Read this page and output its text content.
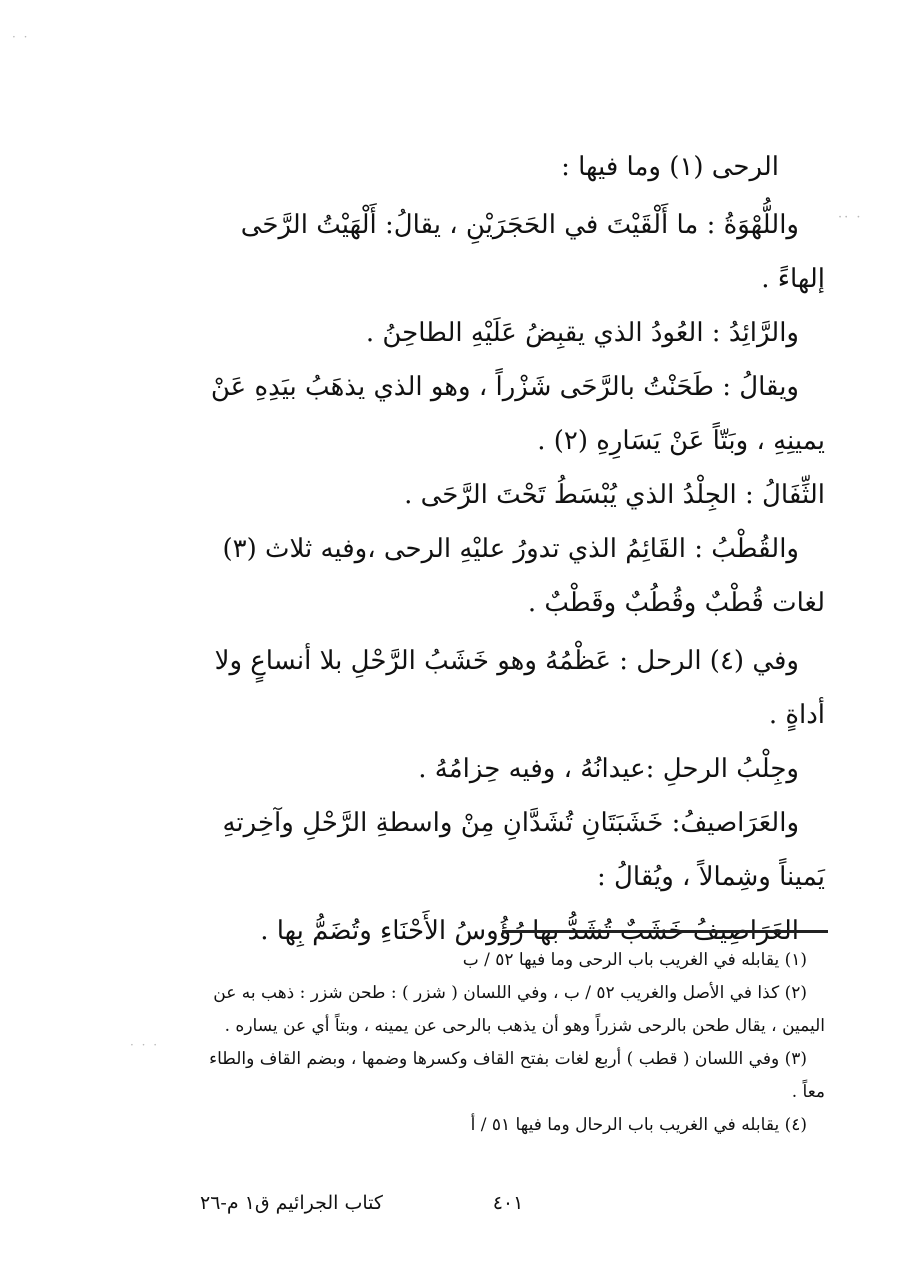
· ·
·· ·
· · ·

الرحى (١) وما فيها :

واللُّهْوَةُ : ما أَلْقَيْتَ في الحَجَرَيْنِ ، يقالُ: أَلْهَيْتُ الرَّحَى إلهاءً .

والرَّائِدُ : العُودُ الذي يقبِضُ عَلَيْهِ الطاحِنُ .

ويقالُ : طَحَنْتُ بالرَّحَى شَزْراً ، وهو الذي يذهَبُ بيَدِهِ عَنْ يمينِهِ ، وبَتّاً عَنْ يَسَارِهِ (٢) .

الثِّفَالُ : الجِلْدُ الذي يُبْسَطُ تَحْتَ الرَّحَى .

والقُطْبُ : القَائِمُ الذي تدورُ عليْهِ الرحى ،وفيه ثلاث (٣) لغات قُطْبٌ وقُطُبٌ وقَطْبٌ .

وفي (٤) الرحل : عَظْمُهُ وهو خَشَبُ الرَّحْلِ بلا أنساعٍ ولا أداةٍ .

وجِلْبُ الرحلِ :عيدانُهُ ، وفيه حِزامُهُ .

والعَرَاصيفُ: خَشَبَتَانِ تُشَدَّانِ مِنْ واسطةِ الرَّحْلِ وآخِرتهِ يَميناً وشِمالاً ، ويُقالُ :

العَرَاصِيفُ خَشَبٌ تُشَدُّ بها رُؤُوسُ الأَحْنَاءِ وتُضَمُّ بِها .

(١) يقابله في الغريب باب الرحى وما فيها ٥٢ / ب

(٢) كذا في الأصل والغريب ٥٢ / ب ، وفي اللسان ( شزر ) : طحن شزر : ذهب به عن اليمين ، يقال طحن بالرحى شزراً وهو أن يذهب بالرحى عن يمينه ، وبتاً أي عن يساره .

(٣) وفي اللسان ( قطب ) أربع لغات بفتح القاف وكسرها وضمها ، وبضم القاف والطاء معاً .

(٤) يقابله في الغريب باب الرحال وما فيها ٥١ / أ

٤٠١
كتاب الجرائيم ق١ م-٢٦
